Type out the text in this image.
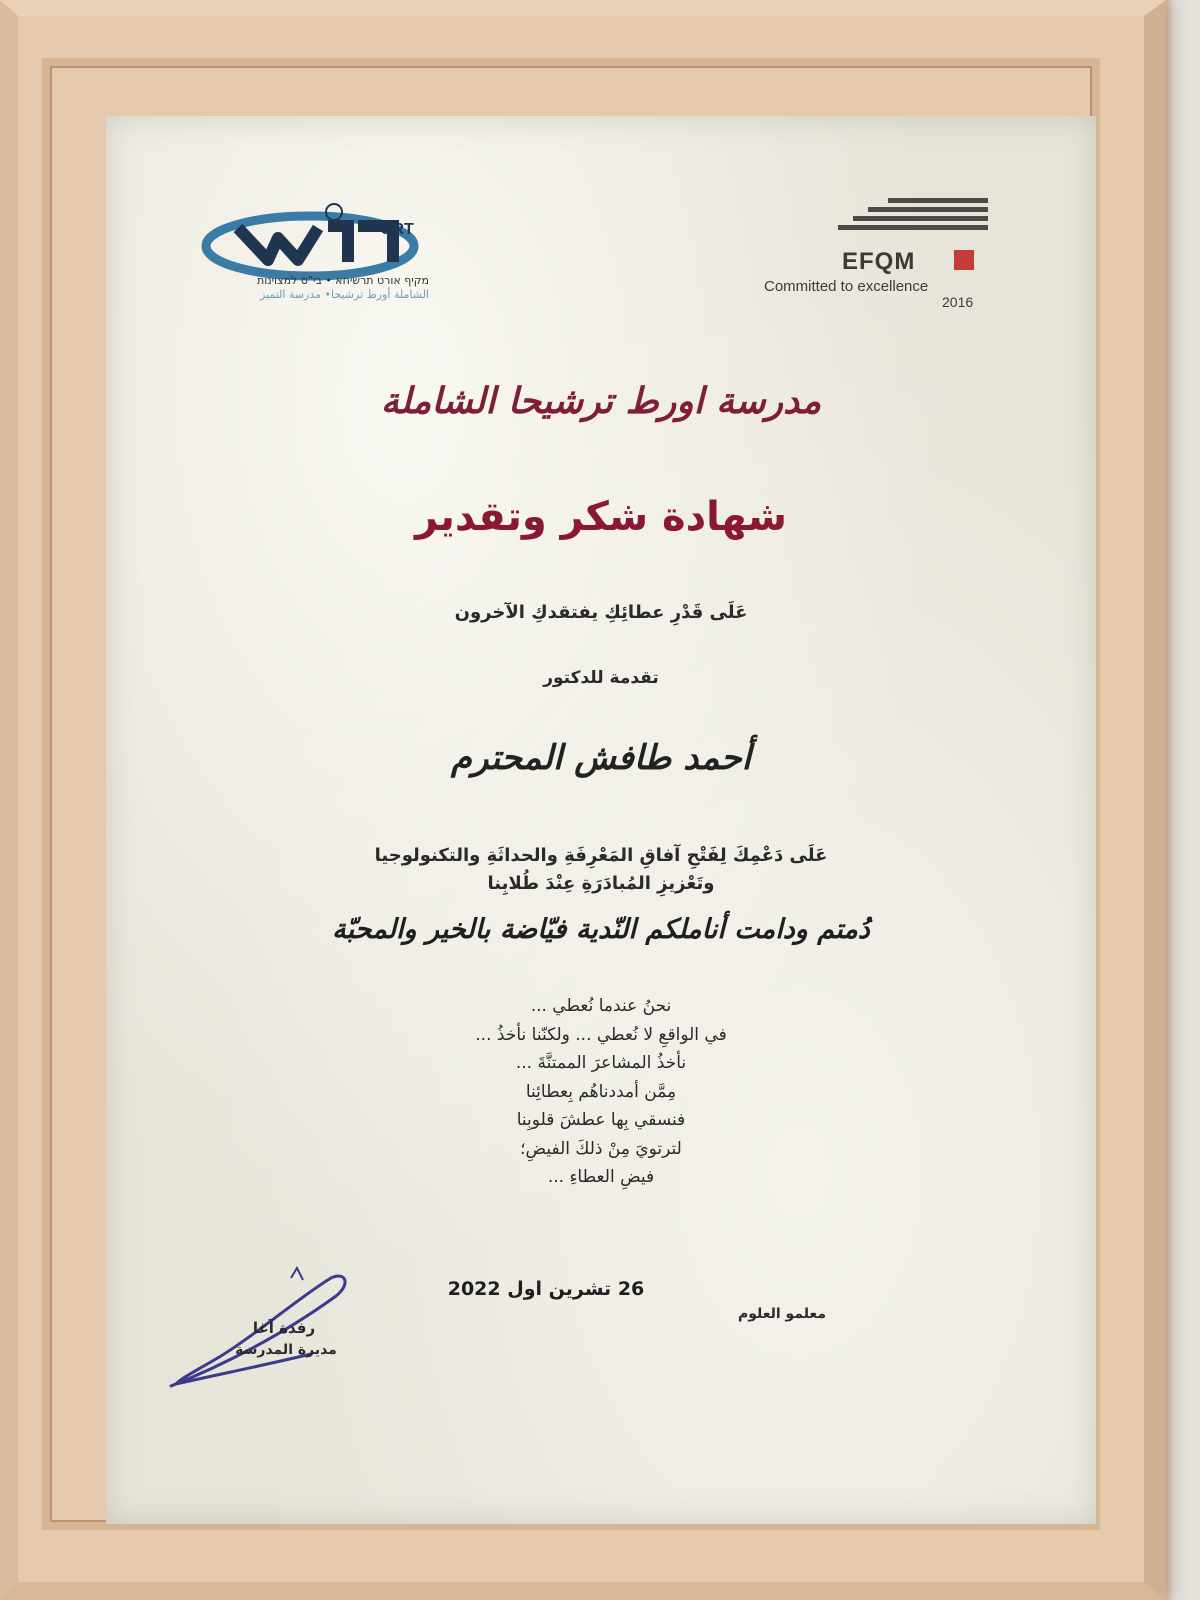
ORT
מקיף אורט תרשיחא • בי"ס למצוינות
الشاملة أورط ترشيحا• مدرسة التميز
EFQM
Committed to excellence
2016
مدرسة اورط ترشيحا الشاملة
شهادة شكر وتقدير
عَلَى قَدْرِ عطائِكِ يفتقدكِ الآخرون
تقدمة للدكتور
أحمد طافش المحترم
عَلَى دَعْمِكَ لِفَتْحِ آفاقِ المَعْرِفَةِ والحداثَةِ والتكنولوجيا
وتَعْزيزِ المُبادَرَةِ عِنْدَ طُلابِنا
دُمتم ودامت أناملكم النّدية فيّاضة بالخير والمحبّة
نحنُ عندما نُعطي ...
في الواقعِ لا نُعطي ... ولكنّنا نأخذُ ...
نأخذُ المشاعرَ الممتنَّةَ ...
مِمَّن أمددناهُم بِعطائِنا
فنسقي بِها عطشَ قلوبِنا
لترتويَ مِنْ ذلكَ الفيضِ؛
فيضِ العطاءِ ...
26 تشرين اول 2022
معلمو العلوم
رفدة آغا
مديرة المدرسة
